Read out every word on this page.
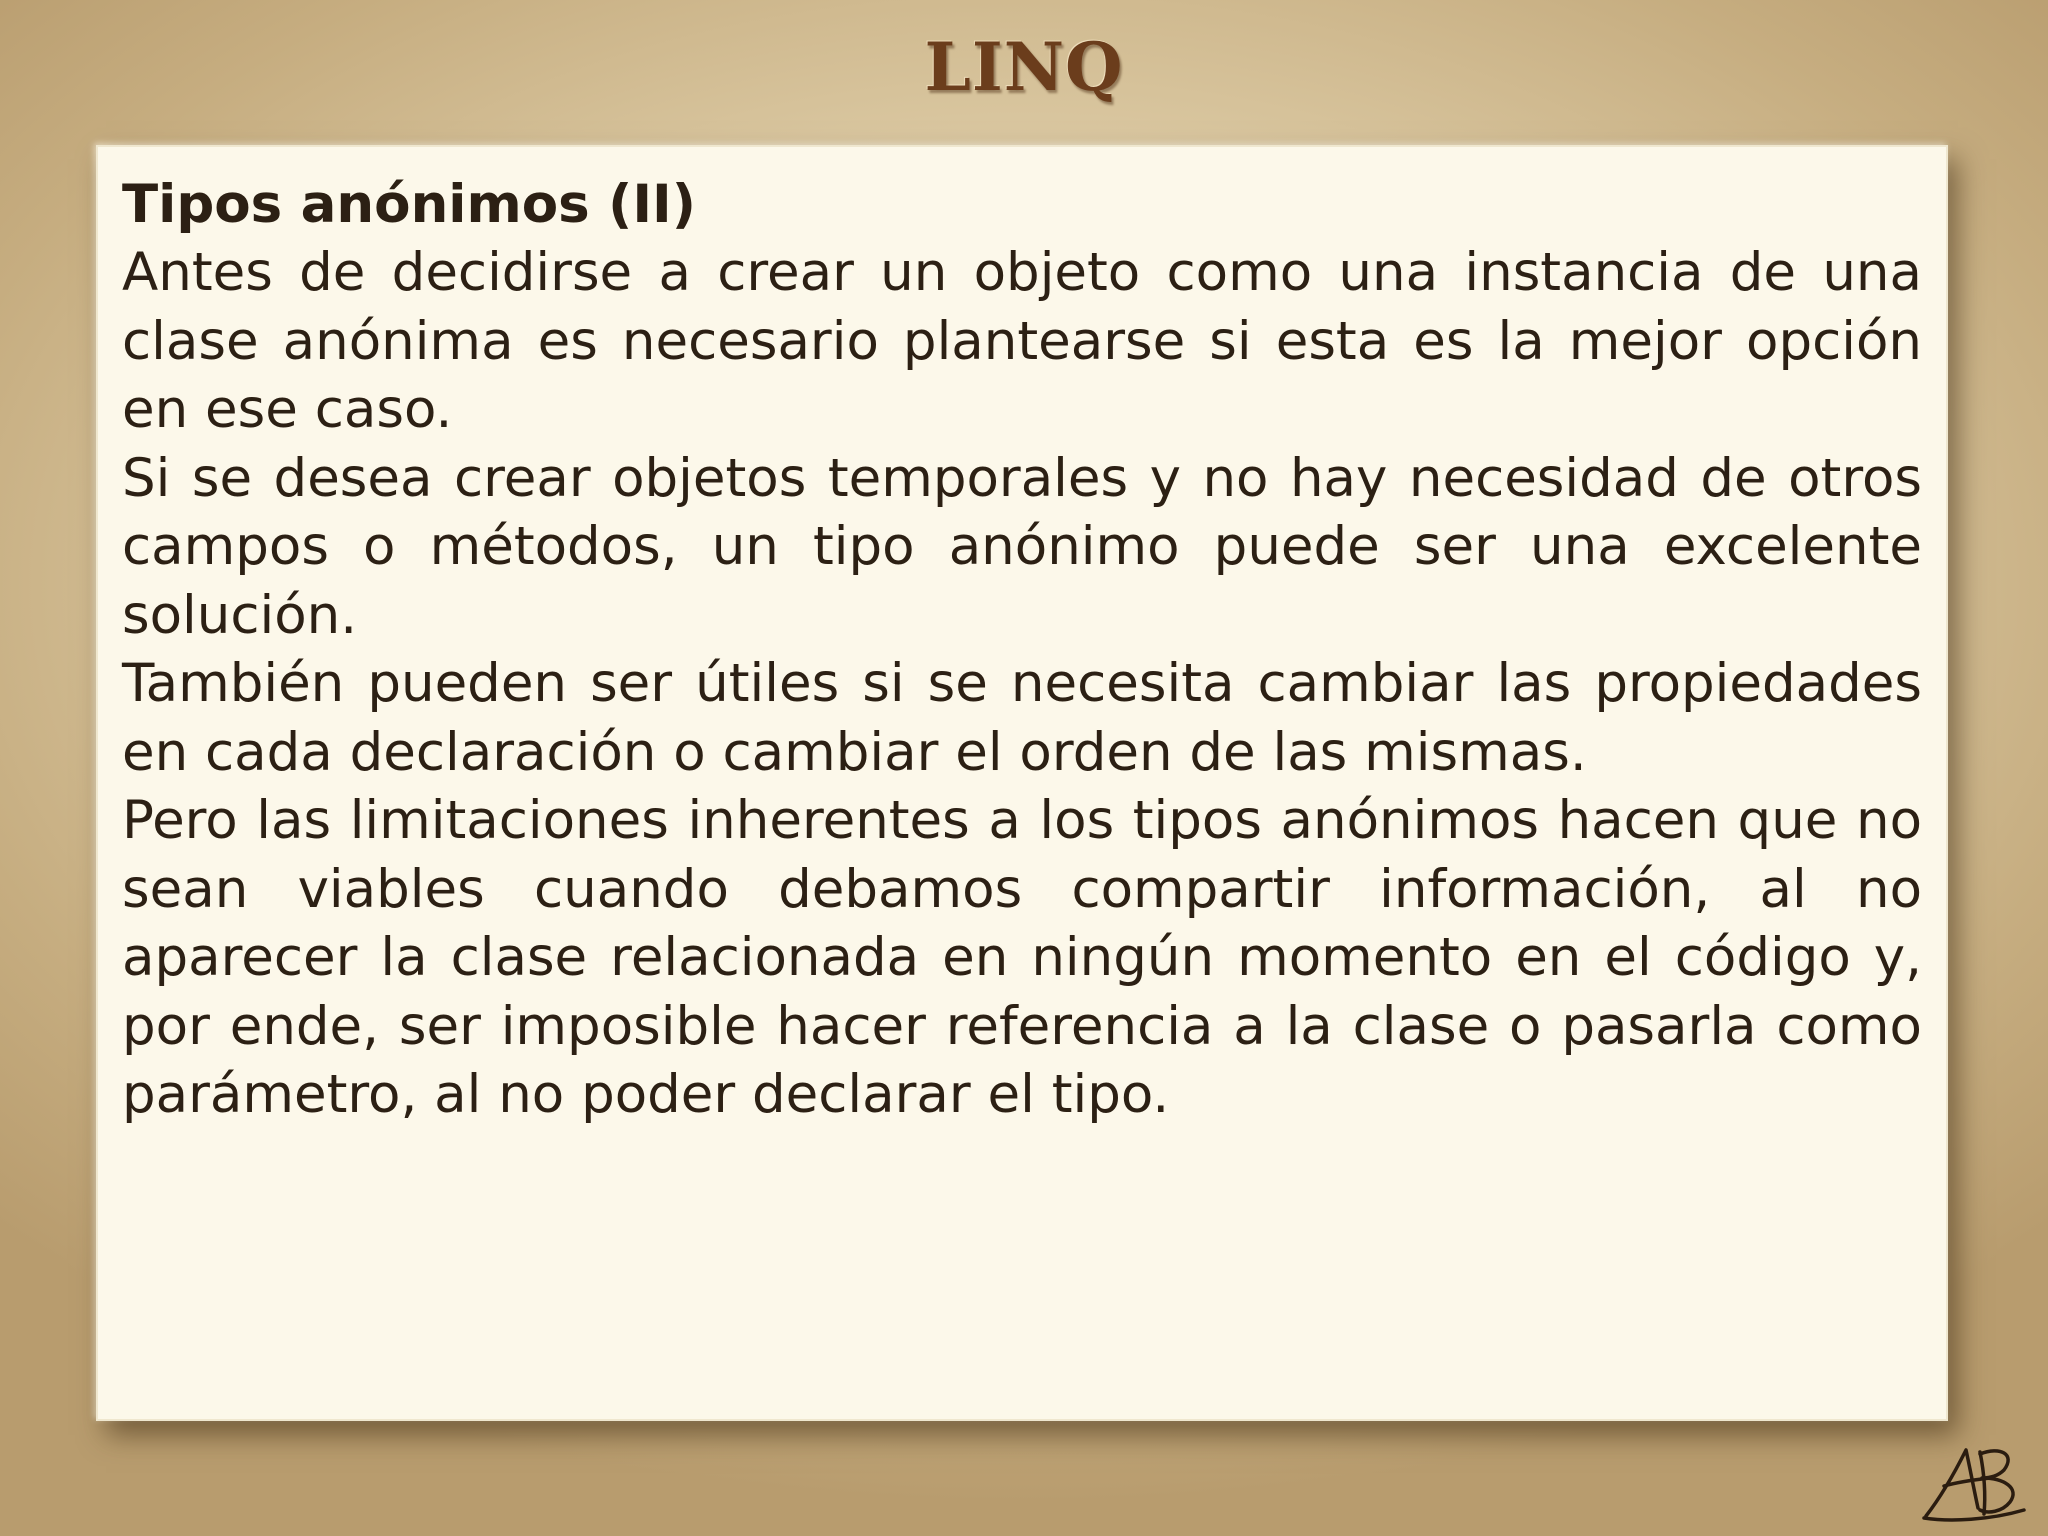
LINQ

Tipos anónimos (II)

Antes de decidirse a crear un objeto como una instancia de una clase anónima es necesario plantearse si esta es la mejor opción en ese caso.

Si se desea crear objetos temporales y no hay necesidad de otros campos o métodos, un tipo anónimo puede ser una excelente solución.

También pueden ser útiles si se necesita cambiar las propiedades en cada declaración o cambiar el orden de las mismas.

Pero las limitaciones inherentes a los tipos anónimos hacen que no sean viables cuando debamos compartir información, al no aparecer la clase relacionada en ningún momento en el código y, por ende, ser imposible hacer referencia a la clase o pasarla como parámetro, al no poder declarar el tipo.
